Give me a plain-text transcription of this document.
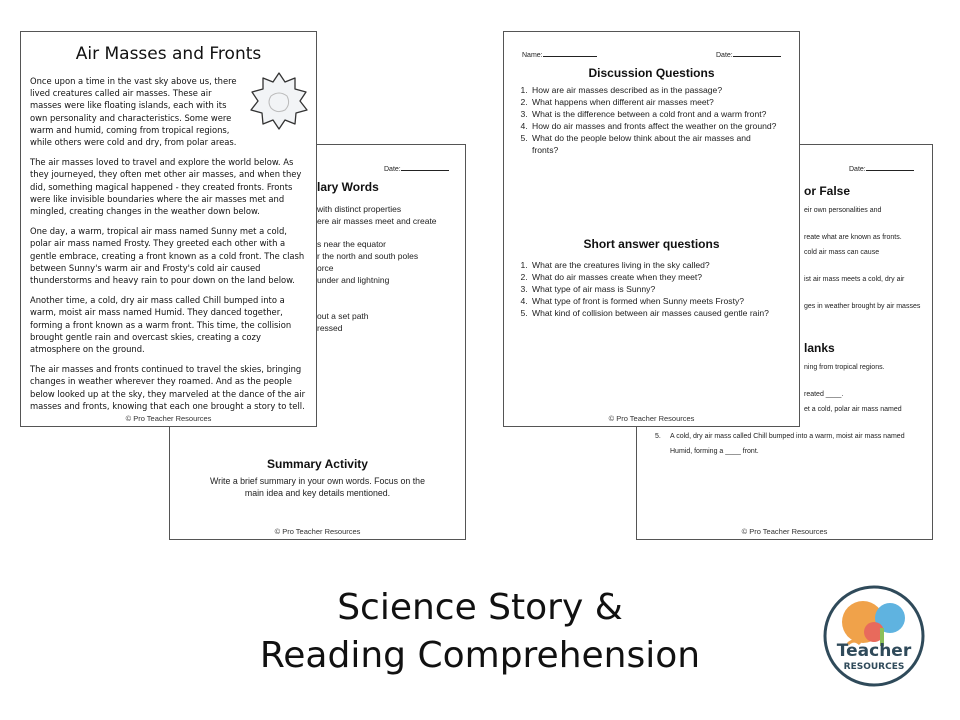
Date:
lary Words
with distinct properties
ere air masses meet and create
s near the equator
r the north and south poles
orce
under and lightning
out a set path
ressed
Summary Activity
Write a brief summary in your own words. Focus on the main idea and key details mentioned.
© Pro Teacher Resources
Air Masses and Fronts

Once upon a time in the vast sky above us, there lived creatures called air masses. These air masses were like floating islands, each with its own personality and characteristics. Some were warm and humid, coming from tropical regions, while others were cold and dry, from polar areas.

The air masses loved to travel and explore the world below. As they journeyed, they often met other air masses, and when they did, something magical happened - they created fronts. Fronts were like invisible boundaries where the air masses met and mingled, creating changes in the weather down below.

One day, a warm, tropical air mass named Sunny met a cold, polar air mass named Frosty. They greeted each other with a gentle embrace, creating a front known as a cold front. The clash between Sunny's warm air and Frosty's cold air caused thunderstorms and heavy rain to pour down on the land below.

Another time, a cold, dry air mass called Chill bumped into a warm, moist air mass named Humid. They danced together, forming a front known as a warm front. This time, the collision brought gentle rain and overcast skies, creating a cozy atmosphere on the ground.

The air masses and fronts continued to travel the skies, bringing changes in weather wherever they roamed. And as the people below looked up at the sky, they marveled at the dance of the air masses and fronts, knowing that each one brought a story to tell.

© Pro Teacher Resources
Date:
or False
eir own personalities and
reate what are known as fronts.
cold air mass can cause
ist air mass meets a cold, dry air
ges in weather brought by air masses
lanks
ning from tropical regions.
reated ____.
et a cold, polar air mass named
5. A cold, dry air mass called Chill bumped into a warm, moist air mass named
Humid, forming a ____ front.
© Pro Teacher Resources
Name:	Date:
Discussion Questions
1. How are air masses described as in the passage?
2. What happens when different air masses meet?
3. What is the difference between a cold front and a warm front?
4. How do air masses and fronts affect the weather on the ground?
5. What do the people below think about the air masses and fronts?
Short answer questions
1. What are the creatures living in the sky called?
2. What do air masses create when they meet?
3. What type of air mass is Sunny?
4. What type of front is formed when Sunny meets Frosty?
5. What kind of collision between air masses caused gentle rain?
© Pro Teacher Resources
Science Story &
Reading Comprehension	Teacher
RESOURCES
